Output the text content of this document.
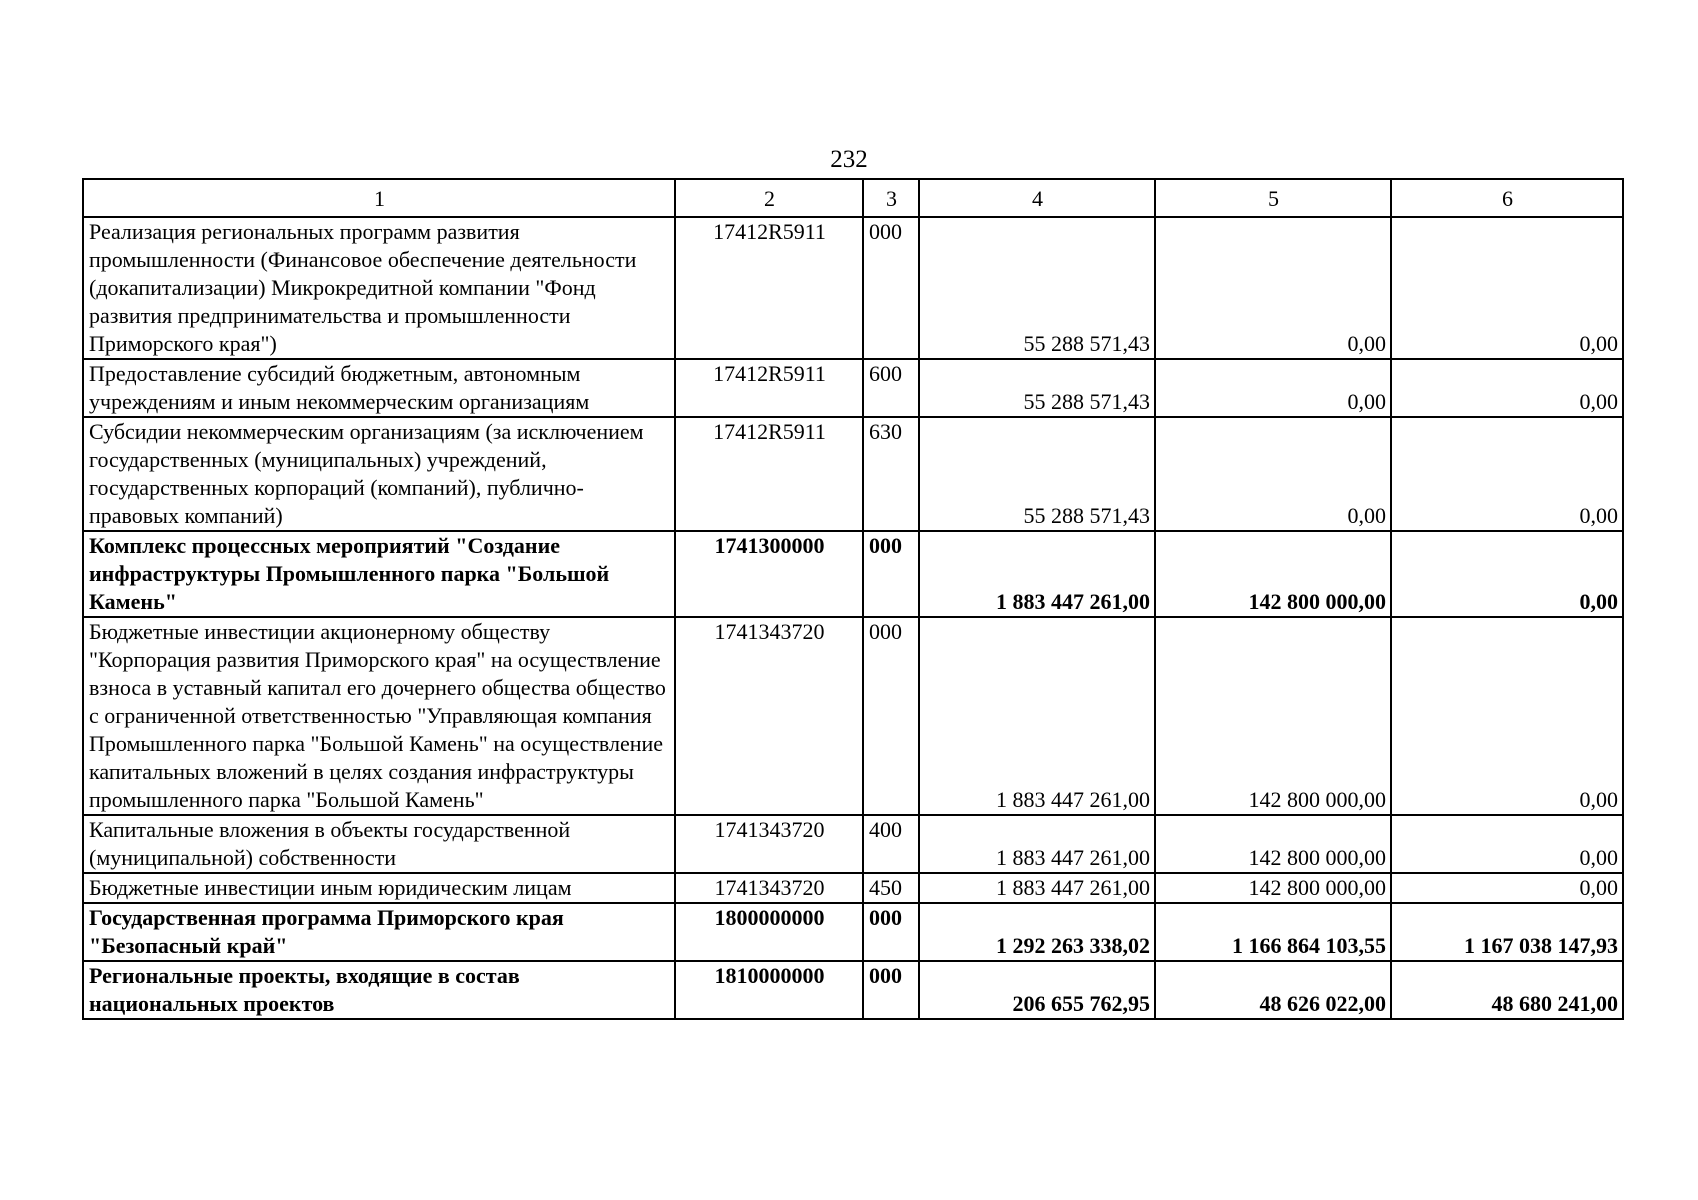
232
1	2	3	4	5	6
Реализация региональных программ развития промышленности (Финансовое обеспечение деятельности (докапитализации) Микрокредитной компании "Фонд развития предпринимательства и промышленности Приморского края")	17412R5911	000	55 288 571,43	0,00	0,00
Предоставление субсидий бюджетным, автономным учреждениям и иным некоммерческим организациям	17412R5911	600	55 288 571,43	0,00	0,00
Субсидии некоммерческим организациям (за исключением государственных (муниципальных) учреждений, государственных корпораций (компаний), публично-правовых компаний)	17412R5911	630	55 288 571,43	0,00	0,00
Комплекс процессных мероприятий "Создание инфраструктуры Промышленного парка "Большой Камень"	1741300000	000	1 883 447 261,00	142 800 000,00	0,00
Бюджетные инвестиции акционерному обществу "Корпорация развития Приморского края" на осуществление взноса в уставный капитал его дочернего общества общество с ограниченной ответственностью "Управляющая компания Промышленного парка "Большой Камень" на осуществление капитальных вложений в целях создания инфраструктуры промышленного парка "Большой Камень"	1741343720	000	1 883 447 261,00	142 800 000,00	0,00
Капитальные вложения в объекты государственной (муниципальной) собственности	1741343720	400	1 883 447 261,00	142 800 000,00	0,00
Бюджетные инвестиции иным юридическим лицам	1741343720	450	1 883 447 261,00	142 800 000,00	0,00
Государственная программа Приморского края "Безопасный край"	1800000000	000	1 292 263 338,02	1 166 864 103,55	1 167 038 147,93
Региональные проекты, входящие в состав национальных проектов	1810000000	000	206 655 762,95	48 626 022,00	48 680 241,00
